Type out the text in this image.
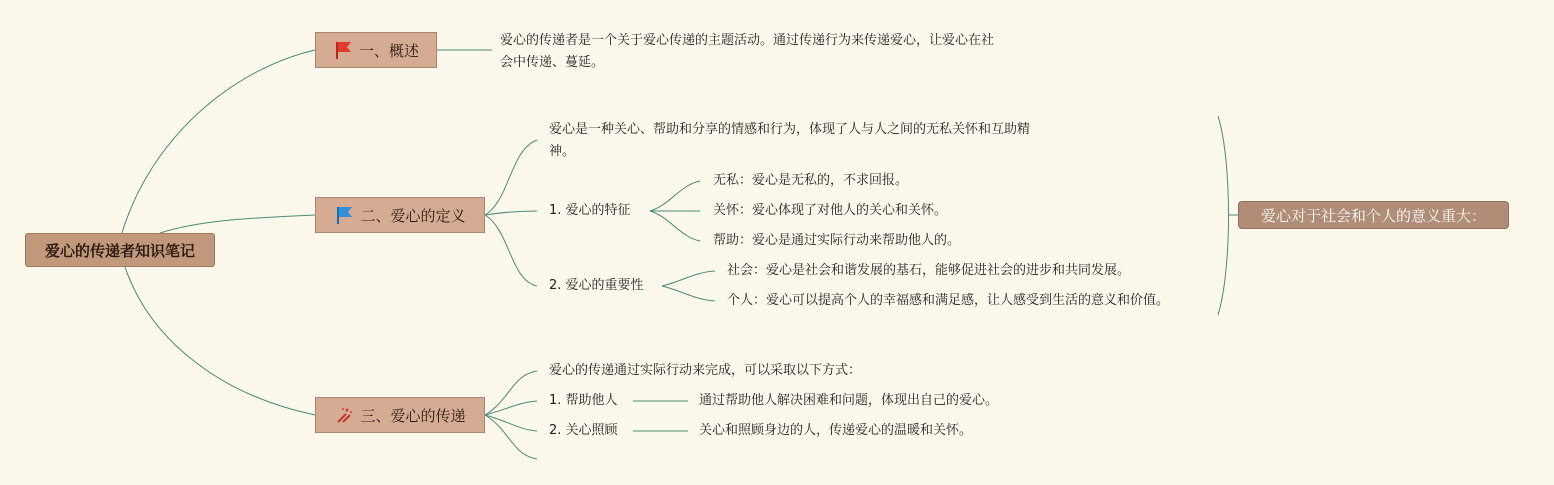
爱心的传递者知识笔记
一、概述
爱心的传递者是一个关于爱心传递的主题活动。通过传递行为来传递爱心，让爱心在社会中传递、蔓延。
二、爱心的定义
爱心是一种关心、帮助和分享的情感和行为，体现了人与人之间的无私关怀和互助精神。
1. 爱心的特征
无私：爱心是无私的，不求回报。
关怀：爱心体现了对他人的关心和关怀。
帮助：爱心是通过实际行动来帮助他人的。
2. 爱心的重要性
社会：爱心是社会和谐发展的基石，能够促进社会的进步和共同发展。
个人：爱心可以提高个人的幸福感和满足感，让人感受到生活的意义和价值。
爱心对于社会和个人的意义重大：
三、爱心的传递
爱心的传递通过实际行动来完成，可以采取以下方式：
1. 帮助他人	通过帮助他人解决困难和问题，体现出自己的爱心。
2. 关心照顾	关心和照顾身边的人，传递爱心的温暖和关怀。
